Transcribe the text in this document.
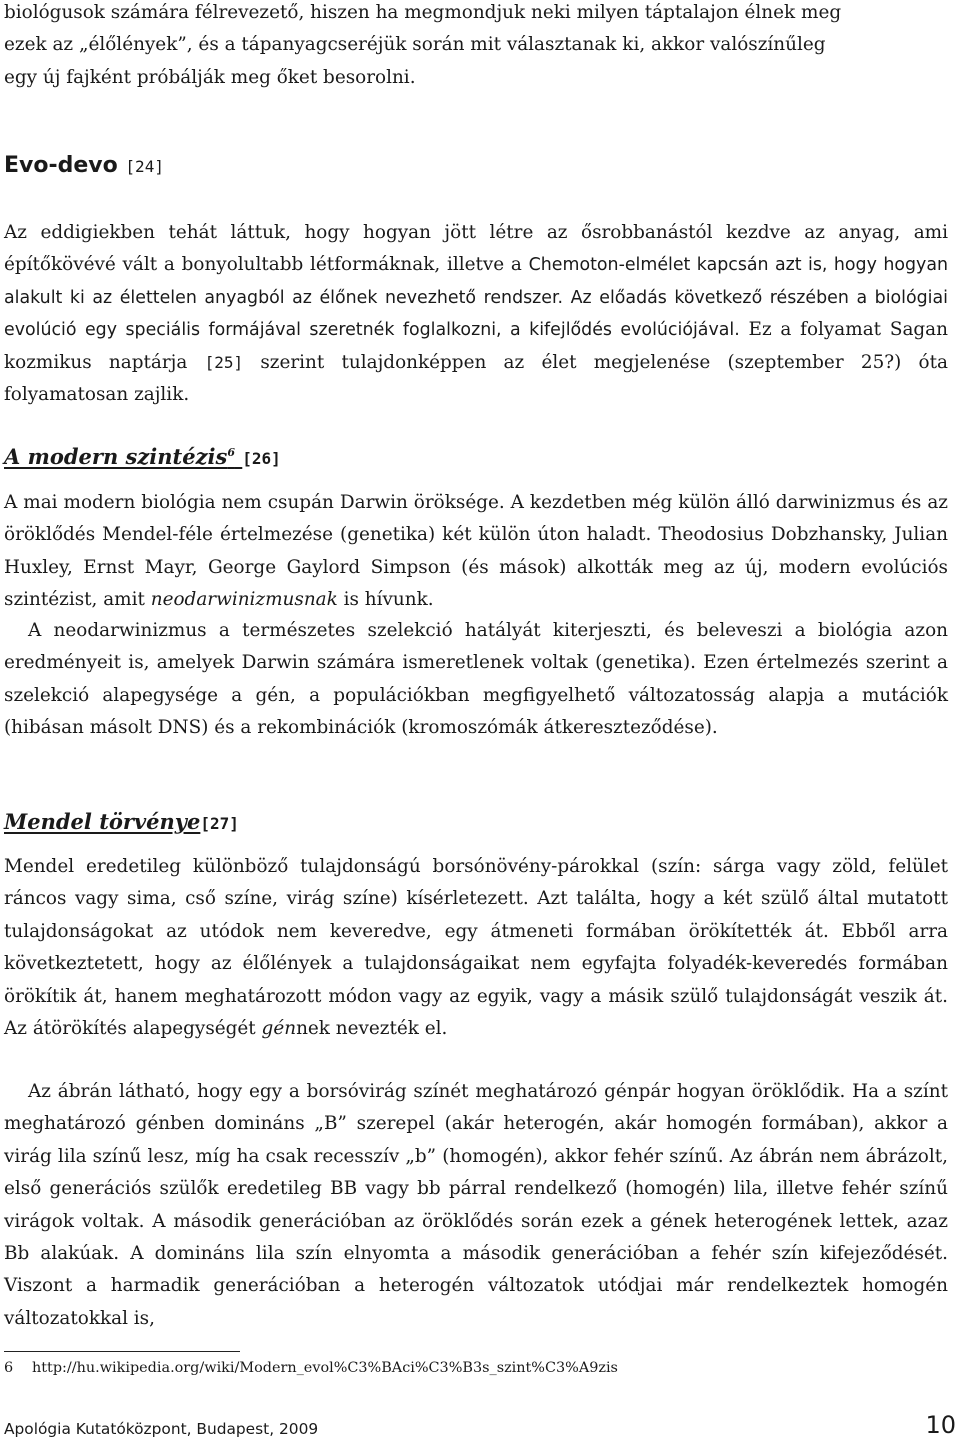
biológusok számára félrevezető, hiszen ha megmondjuk neki milyen táptalajon élnek meg
ezek az „élőlények”, és a tápanyagcseréjük során mit választanak ki, akkor valószínűleg
egy új fajként próbálják meg őket besorolni.

Evo-devo [24]

Az eddigiekben tehát láttuk, hogy hogyan jött létre az ősrobbanástól kezdve az anyag, ami építőkövévé vált a bonyolultabb létformáknak, illetve a Chemoton-elmélet kapcsán azt is, hogy hogyan alakult ki az élettelen anyagból az élőnek nevezhető rendszer. Az előadás következő részében a biológiai evolúció egy speciális formájával szeretnék foglalkozni, a kifejlődés evolúciójával. Ez a folyamat Sagan kozmikus naptárja [25] szerint tulajdonképpen az élet megjelenése (szeptember 25?) óta folyamatosan zajlik.

A modern szintézis$^6$ [26]

A mai modern biológia nem csupán Darwin öröksége. A kezdetben még külön álló darwinizmus és az öröklődés Mendel-féle értelmezése (genetika) két külön úton haladt. Theodosius Dobzhansky, Julian Huxley, Ernst Mayr, George Gaylord Simpson (és mások) alkották meg az új, modern evolúciós szintézist, amit neodarwinizmusnak is hívunk.

A neodarwinizmus a természetes szelekció hatályát kiterjeszti, és beleveszi a biológia azon eredményeit is, amelyek Darwin számára ismeretlenek voltak (genetika). Ezen értelmezés szerint a szelekció alapegysége a gén, a populációkban megfigyelhető változatosság alapja a mutációk (hibásan másolt DNS) és a rekombinációk (kromoszómák átkereszteződése).

Mendel törvénye[27]

Mendel eredetileg különböző tulajdonságú borsónövény-párokkal (szín: sárga vagy zöld, felület ráncos vagy sima, cső színe, virág színe) kísérletezett. Azt találta, hogy a két szülő által mutatott tulajdonságokat az utódok nem keveredve, egy átmeneti formában örökítették át. Ebből arra következtetett, hogy az élőlények a tulajdonságaikat nem egyfajta folyadék-keveredés formában örökítik át, hanem meghatározott módon vagy az egyik, vagy a másik szülő tulajdonságát veszik át. Az átörökítés alapegységét génnek nevezték el.

Az ábrán látható, hogy egy a borsóvirág színét meghatározó génpár hogyan öröklődik. Ha a színt meghatározó génben domináns „B” szerepel (akár heterogén, akár homogén formában), akkor a virág lila színű lesz, míg ha csak recesszív „b” (homogén), akkor fehér színű. Az ábrán nem ábrázolt, első generációs szülők eredetileg BB vagy bb párral rendelkező (homogén) lila, illetve fehér színű virágok voltak. A második generációban az öröklődés során ezek a gének heterogének lettek, azaz Bb alakúak. A domináns lila szín elnyomta a második generációban a fehér szín kifejeződését. Viszont a harmadik generációban a heterogén változatok utódjai már rendelkeztek homogén változatokkal is,

6 http://hu.wikipedia.org/wiki/Modern_evol%C3%BAci%C3%B3s_szint%C3%A9zis
Apológia Kutatóközpont, Budapest, 2009	10
